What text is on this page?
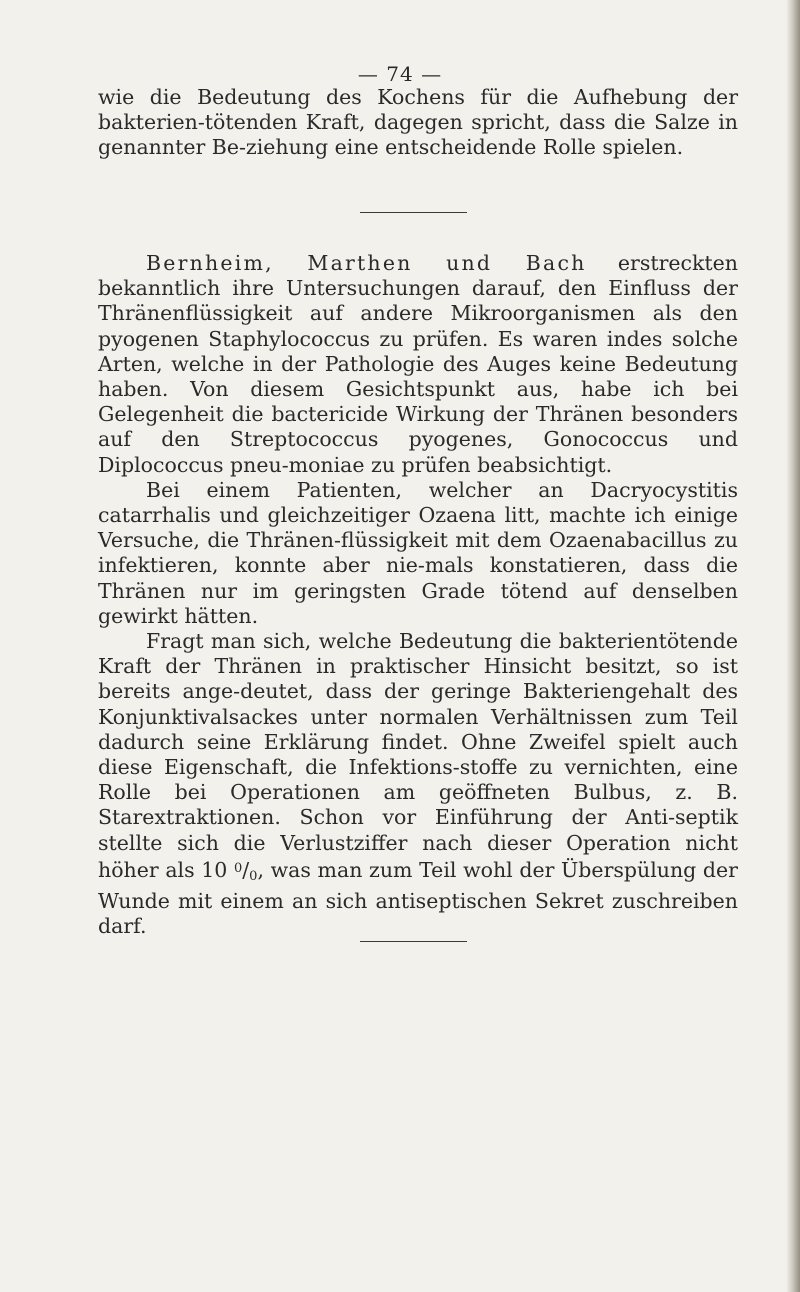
— 74 —

wie die Bedeutung des Kochens für die Aufhebung der bakterien-tötenden Kraft, dagegen spricht, dass die Salze in genannter Be-ziehung eine entscheidende Rolle spielen.

Bernheim, Marthen und Bach erstreckten bekanntlich ihre Untersuchungen darauf, den Einfluss der Thränenflüssigkeit auf andere Mikroorganismen als den pyogenen Staphylococcus zu prüfen. Es waren indes solche Arten, welche in der Pathologie des Auges keine Bedeutung haben. Von diesem Gesichtspunkt aus, habe ich bei Gelegenheit die bactericide Wirkung der Thränen besonders auf den Streptococcus pyogenes, Gonococcus und Diplococcus pneu-moniae zu prüfen beabsichtigt.

Bei einem Patienten, welcher an Dacryocystitis catarrhalis und gleichzeitiger Ozaena litt, machte ich einige Versuche, die Thränen-flüssigkeit mit dem Ozaenabacillus zu infektieren, konnte aber nie-mals konstatieren, dass die Thränen nur im geringsten Grade tötend auf denselben gewirkt hätten.

Fragt man sich, welche Bedeutung die bakterientötende Kraft der Thränen in praktischer Hinsicht besitzt, so ist bereits ange-deutet, dass der geringe Bakteriengehalt des Konjunktivalsackes unter normalen Verhältnissen zum Teil dadurch seine Erklärung findet. Ohne Zweifel spielt auch diese Eigenschaft, die Infektions-stoffe zu vernichten, eine Rolle bei Operationen am geöffneten Bulbus, z. B. Starextraktionen. Schon vor Einführung der Anti-septik stellte sich die Verlustziffer nach dieser Operation nicht höher als 10 $^0/_0$, was man zum Teil wohl der Überspülung der Wunde mit einem an sich antiseptischen Sekret zuschreiben darf.
